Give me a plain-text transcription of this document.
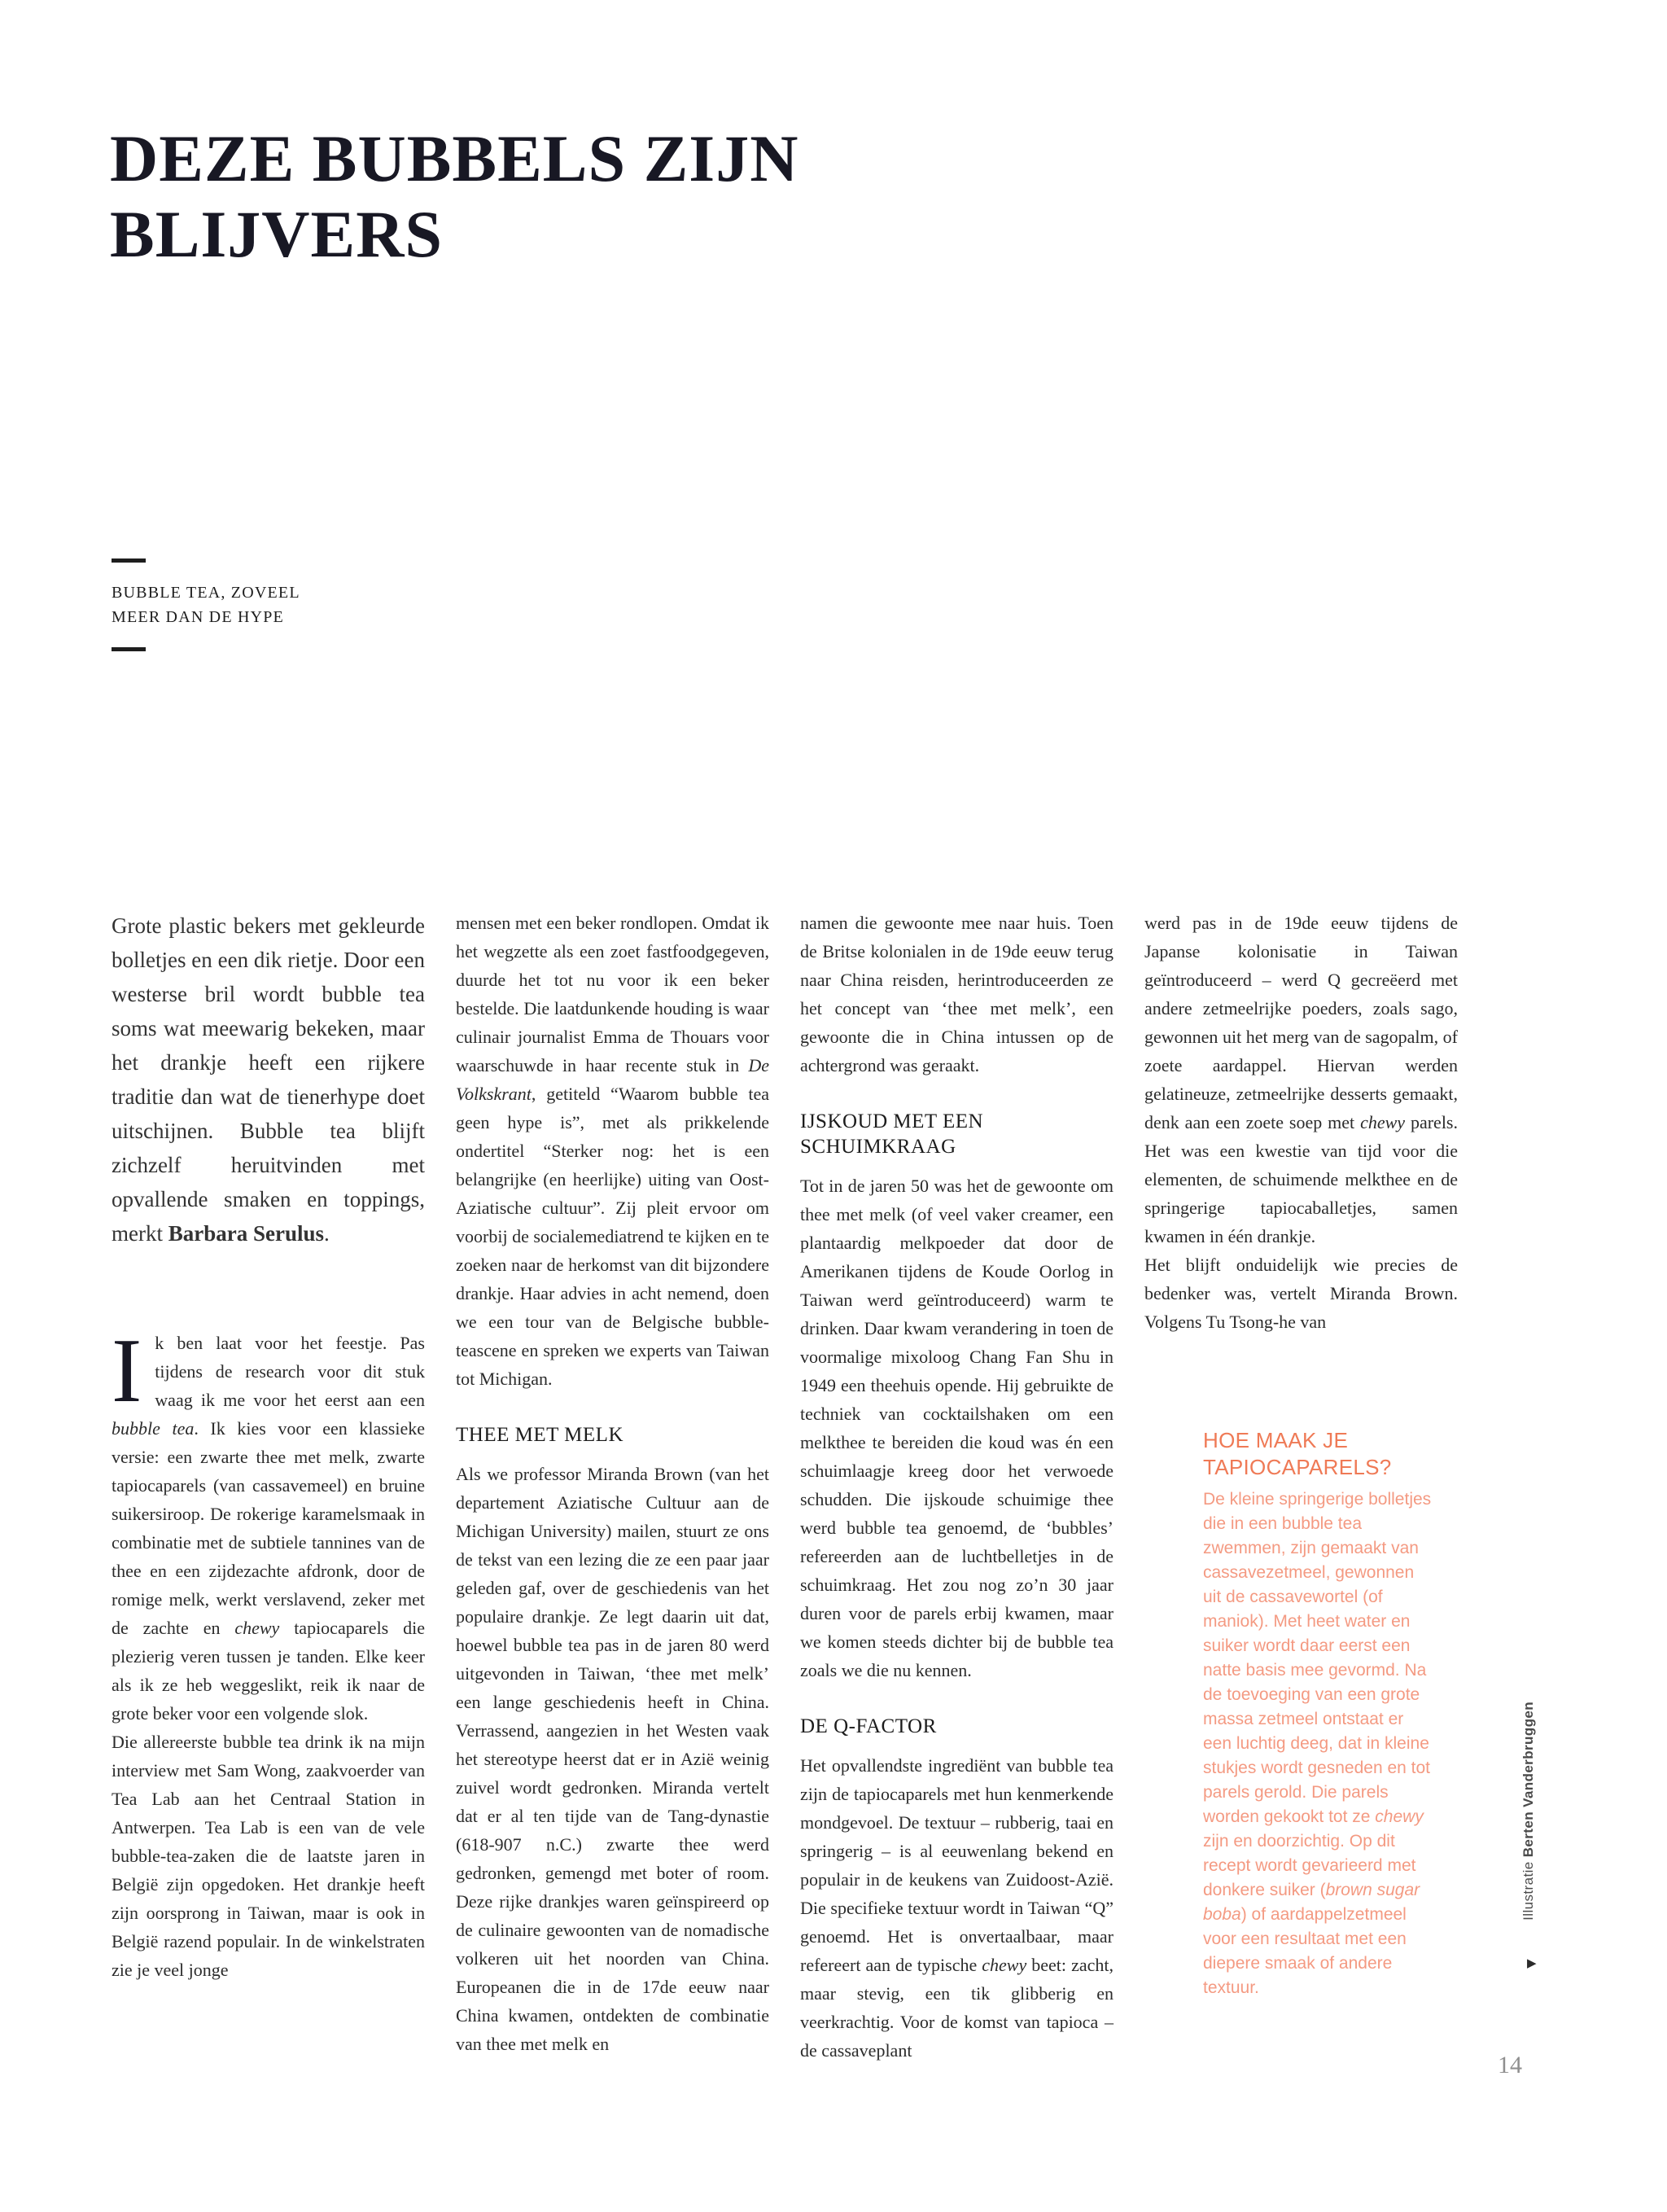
DEZE BUBBELS ZIJN
BLIJVERS
BUBBLE TEA, ZOVEEL
MEER DAN DE HYPE

Grote plastic bekers met gekleurde bolletjes en een dik rietje. Door een westerse bril wordt bubble tea soms wat meewarig bekeken, maar het drankje heeft een rijkere traditie dan wat de tienerhype doet uitschijnen. Bubble tea blijft zichzelf heruitvinden met opvallende smaken en toppings, merkt Barbara Serulus.

Ik ben laat voor het feestje. Pas tijdens de research voor dit stuk waag ik me voor het eerst aan een bubble tea. Ik kies voor een klassieke versie: een zwarte thee met melk, zwarte tapiocaparels (van cassavemeel) en bruine suikersiroop. De rokerige karamelsmaak in combinatie met de subtiele tannines van de thee en een zijdezachte afdronk, door de romige melk, werkt verslavend, zeker met de zachte en chewy tapiocaparels die plezierig veren tussen je tanden. Elke keer als ik ze heb weggeslikt, reik ik naar de grote beker voor een volgende slok.

Die allereerste bubble tea drink ik na mijn interview met Sam Wong, zaakvoerder van Tea Lab aan het Centraal Station in Antwerpen. Tea Lab is een van de vele bubble-tea-zaken die de laatste jaren in België zijn opgedoken. Het drankje heeft zijn oorsprong in Taiwan, maar is ook in België razend populair. In de winkelstraten zie je veel jonge

mensen met een beker rondlopen. Omdat ik het wegzette als een zoet fastfoodgegeven, duurde het tot nu voor ik een beker bestelde. Die laatdunkende houding is waar culinair journalist Emma de Thouars voor waarschuwde in haar recente stuk in De Volkskrant, getiteld “Waarom bubble tea geen hype is”, met als prikkelende ondertitel “Sterker nog: het is een belangrijke (en heerlijke) uiting van Oost-Aziatische cultuur”. Zij pleit ervoor om voorbij de socialemediatrend te kijken en te zoeken naar de herkomst van dit bijzondere drankje. Haar advies in acht nemend, doen we een tour van de Belgische bubble-teascene en spreken we experts van Taiwan tot Michigan.

THEE MET MELK

Als we professor Miranda Brown (van het departement Aziatische Cultuur aan de Michigan University) mailen, stuurt ze ons de tekst van een lezing die ze een paar jaar geleden gaf, over de geschiedenis van het populaire drankje. Ze legt daarin uit dat, hoewel bubble tea pas in de jaren 80 werd uitgevonden in Taiwan, ‘thee met melk’ een lange geschiedenis heeft in China. Verrassend, aangezien in het Westen vaak het stereotype heerst dat er in Azië weinig zuivel wordt gedronken. Miranda vertelt dat er al ten tijde van de Tang-dynastie (618-907 n.C.) zwarte thee werd gedronken, gemengd met boter of room. Deze rijke drankjes waren geïnspireerd op de culinaire gewoonten van de nomadische volkeren uit het noorden van China. Europeanen die in de 17de eeuw naar China kwamen, ontdekten de combinatie van thee met melk en

namen die gewoonte mee naar huis. Toen de Britse kolonialen in de 19de eeuw terug naar China reisden, herintroduceerden ze het concept van ‘thee met melk’, een gewoonte die in China intussen op de achtergrond was geraakt.

IJSKOUD MET EEN SCHUIMKRAAG

Tot in de jaren 50 was het de gewoonte om thee met melk (of veel vaker creamer, een plantaardig melkpoeder dat door de Amerikanen tijdens de Koude Oorlog in Taiwan werd geïntroduceerd) warm te drinken. Daar kwam verandering in toen de voormalige mixoloog Chang Fan Shu in 1949 een theehuis opende. Hij gebruikte de techniek van cocktailshaken om een melkthee te bereiden die koud was én een schuimlaagje kreeg door het verwoede schudden. Die ijskoude schuimige thee werd bubble tea genoemd, de ‘bubbles’ refereerden aan de luchtbelletjes in de schuimkraag. Het zou nog zo’n 30 jaar duren voor de parels erbij kwamen, maar we komen steeds dichter bij de bubble tea zoals we die nu kennen.

DE Q-FACTOR

Het opvallendste ingrediënt van bubble tea zijn de tapiocaparels met hun kenmerkende mondgevoel. De textuur – rubberig, taai en springerig – is al eeuwenlang bekend en populair in de keukens van Zuidoost-Azië. Die specifieke textuur wordt in Taiwan “Q” genoemd. Het is onvertaalbaar, maar refereert aan de typische chewy beet: zacht, maar stevig, een tik glibberig en veerkrachtig. Voor de komst van tapioca – de cassaveplant

werd pas in de 19de eeuw tijdens de Japanse kolonisatie in Taiwan geïntroduceerd – werd Q gecreëerd met andere zetmeelrijke poeders, zoals sago, gewonnen uit het merg van de sagopalm, of zoete aardappel. Hiervan werden gelatineuze, zetmeelrijke desserts gemaakt, denk aan een zoete soep met chewy parels. Het was een kwestie van tijd voor die elementen, de schuimende melkthee en de springerige tapiocaballetjes, samen kwamen in één drankje.

Het blijft onduidelijk wie precies de bedenker was, vertelt Miranda Brown. Volgens Tu Tsong-he van

HOE MAAK JE TAPIOCAPARELS?

De kleine springerige bolletjes die in een bubble tea zwemmen, zijn gemaakt van cassavezetmeel, gewonnen uit de cassavewortel (of maniok). Met heet water en suiker wordt daar eerst een natte basis mee gevormd. Na de toevoeging van een grote massa zetmeel ontstaat er een luchtig deeg, dat in kleine stukjes wordt gesneden en tot parels gerold. Die parels worden gekookt tot ze chewy zijn en doorzichtig. Op dit recept wordt gevarieerd met donkere suiker (brown sugar boba) of aardappelzetmeel voor een resultaat met een diepere smaak of andere textuur.

Illustratie Berten Vanderbruggen
▶
14
